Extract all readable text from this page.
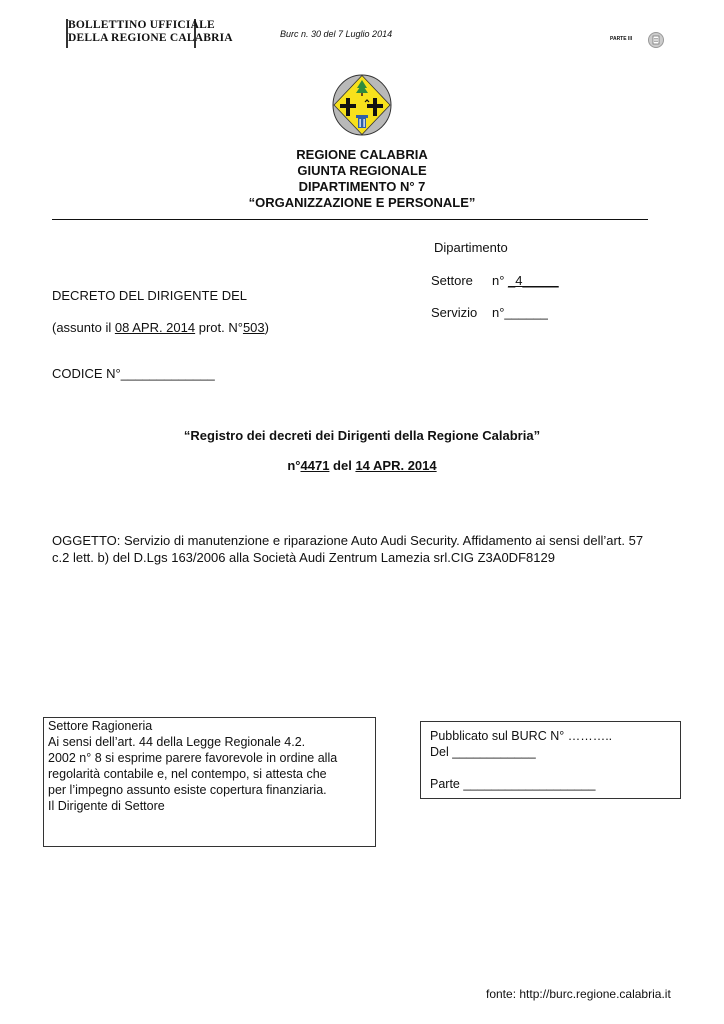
BOLLETTINO UFFICIALE
DELLA REGIONE CALABRIA	Burc n. 30 del 7 Luglio 2014	PARTE III
REGIONE CALABRIA
GIUNTA REGIONALE
DIPARTIMENTO N° 7
“ORGANIZZAZIONE E PERSONALE”
Dipartimento
Settore n° _4_____
Servizio n°______
DECRETO DEL DIRIGENTE DEL
(assunto il 08 APR. 2014 prot. N°503)
CODICE N°_____________
“Registro dei decreti dei Dirigenti della Regione Calabria”
n°4471 del 14 APR. 2014
OGGETTO: Servizio di manutenzione e riparazione Auto Audi Security. Affidamento ai sensi dell’art. 57
c.2 lett. b) del D.Lgs 163/2006 alla Società Audi Zentrum Lamezia srl.CIG Z3A0DF8129
Settore Ragioneria
Ai sensi dell’art. 44 della Legge Regionale 4.2.
2002 n° 8 si esprime parere favorevole in ordine alla
regolarità contabile e, nel contempo, si attesta che
per l’impegno assunto esiste copertura finanziaria.
Il Dirigente di Settore
Pubblicato sul BURC N° ………..
Del ____________
Parte ___________________
fonte: http://burc.regione.calabria.it
